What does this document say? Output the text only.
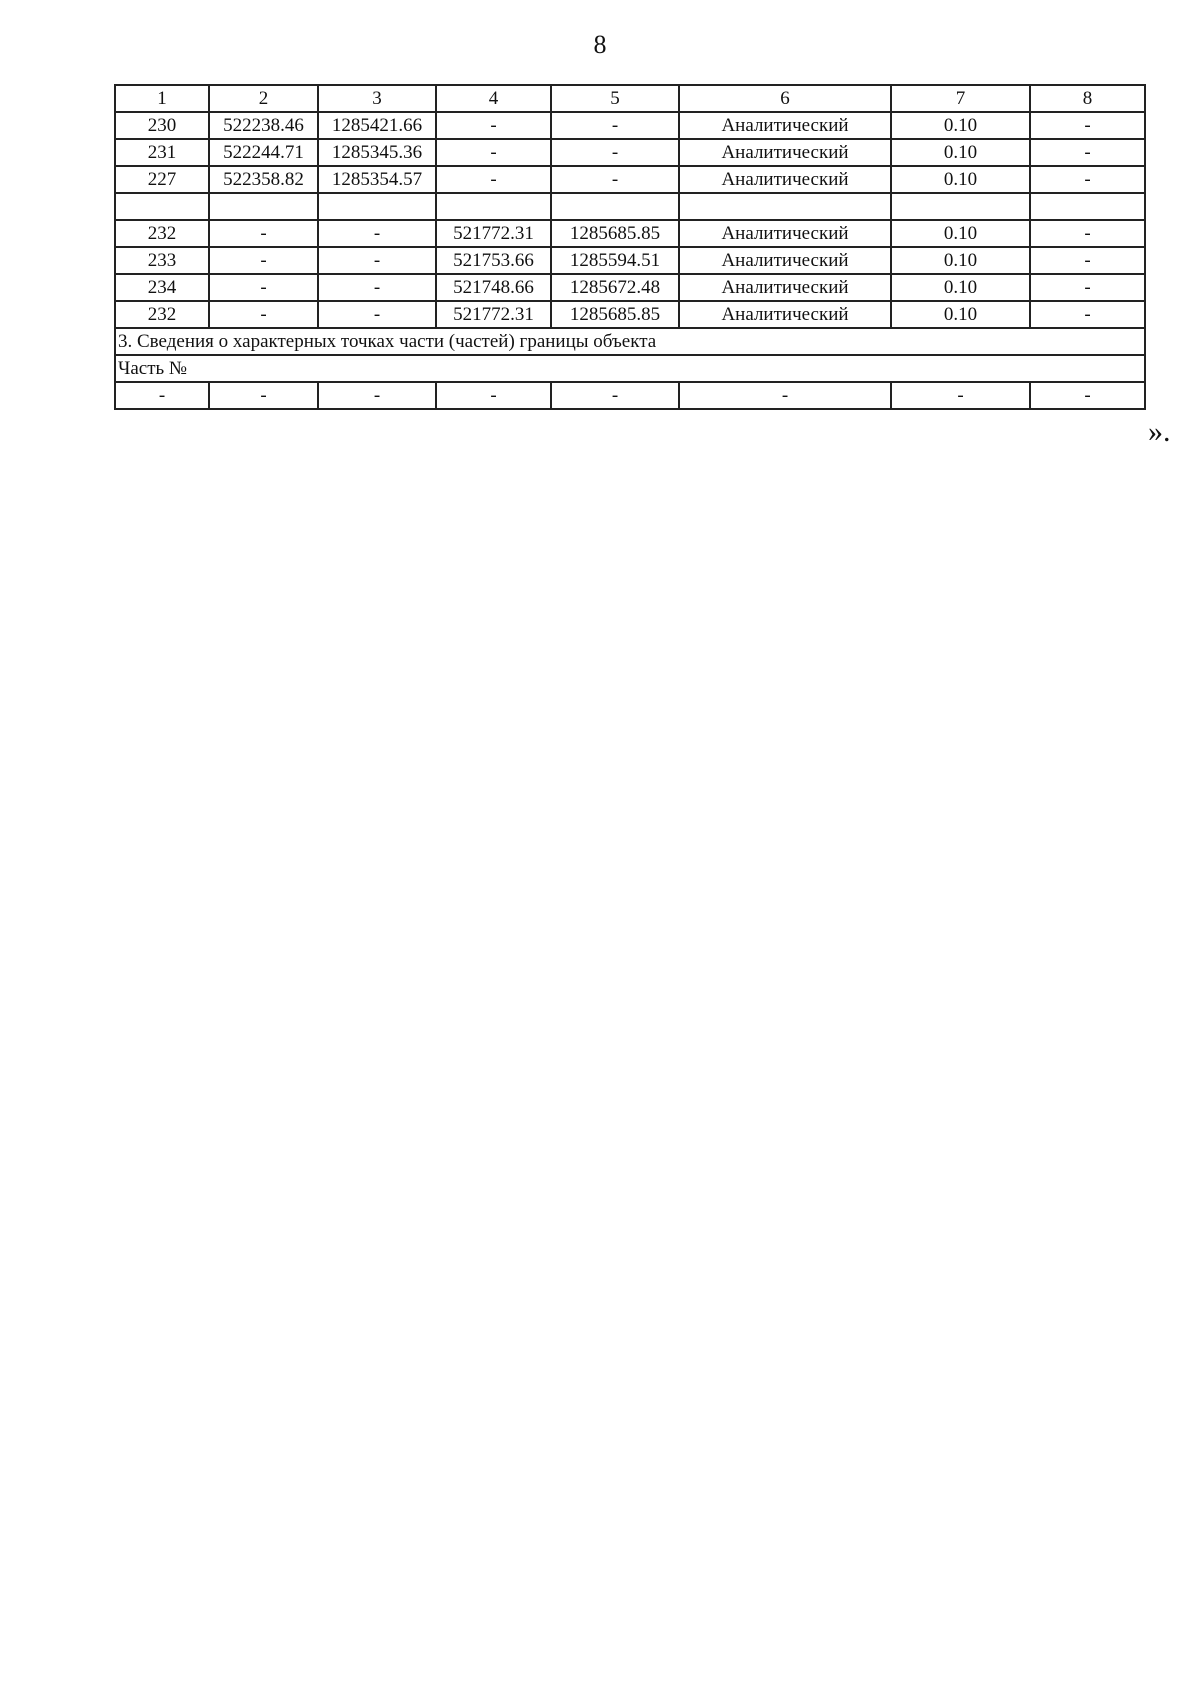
8
1	2	3	4	5	6	7	8
230	522238.46	1285421.66	-	-	Аналитический	0.10	-
231	522244.71	1285345.36	-	-	Аналитический	0.10	-
227	522358.82	1285354.57	-	-	Аналитический	0.10	-

232	-	-	521772.31	1285685.85	Аналитический	0.10	-
233	-	-	521753.66	1285594.51	Аналитический	0.10	-
234	-	-	521748.66	1285672.48	Аналитический	0.10	-
232	-	-	521772.31	1285685.85	Аналитический	0.10	-
3. Сведения о характерных точках части (частей) границы объекта							
Часть №							
-	-	-	-	-	-	-	-
».
